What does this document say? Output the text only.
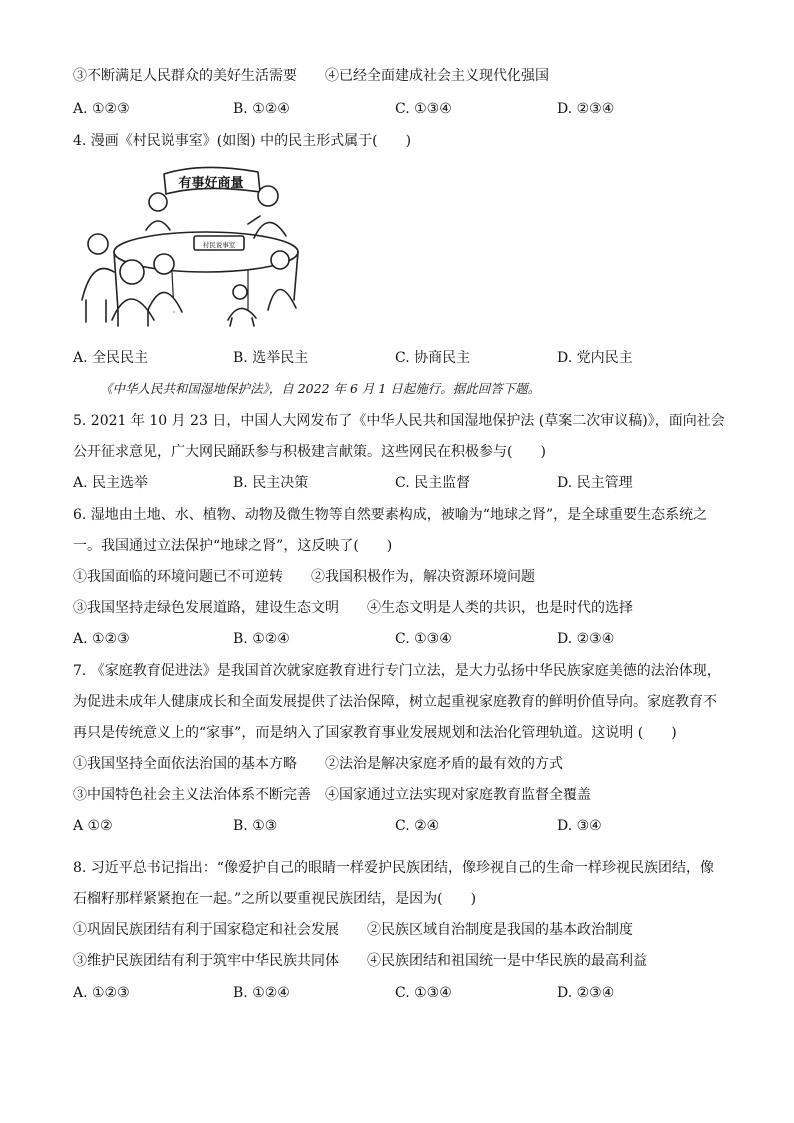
③不断满足人民群众的美好生活需要　　④已经全面建成社会主义现代化强国
A. ①②③	B. ①②④	C. ①③④	D. ②③④
4. 漫画《村民说事室》(如图) 中的民主形式属于(　　)
有事好商量
村民说事室
A. 全民民主	B. 选举民主	C. 协商民主	D. 党内民主
《中华人民共和国湿地保护法》，自 2022 年 6 月 1 日起施行。据此回答下题。
5. 2021 年 10 月 23 日，中国人大网发布了《中华人民共和国湿地保护法 (草案二次审议稿)》，面向社会
公开征求意见，广大网民踊跃参与积极建言献策。这些网民在积极参与(　　)
A. 民主选举	B. 民主决策	C. 民主监督	D. 民主管理
6. 湿地由土地、水、植物、动物及微生物等自然要素构成，被喻为“地球之肾”，是全球重要生态系统之
一。我国通过立法保护“地球之肾”，这反映了(　　)
①我国面临的环境问题已不可逆转　　②我国积极作为，解决资源环境问题
③我国坚持走绿色发展道路，建设生态文明　　④生态文明是人类的共识，也是时代的选择
A. ①②③	B. ①②④	C. ①③④	D. ②③④
7. 《家庭教育促进法》是我国首次就家庭教育进行专门立法，是大力弘扬中华民族家庭美德的法治体现，
为促进未成年人健康成长和全面发展提供了法治保障，树立起重视家庭教育的鲜明价值导向。家庭教育不
再只是传统意义上的“家事”，而是纳入了国家教育事业发展规划和法治化管理轨道。这说明 (　　)
①我国坚持全面依法治国的基本方略　　②法治是解决家庭矛盾的最有效的方式
③中国特色社会主义法治体系不断完善　④国家通过立法实现对家庭教育监督全覆盖
A ①②	B. ①③	C. ②④	D. ③④
8. 习近平总书记指出：“像爱护自己的眼睛一样爱护民族团结，像珍视自己的生命一样珍视民族团结，像
石榴籽那样紧紧抱在一起。”之所以要重视民族团结，是因为(　　)
①巩固民族团结有利于国家稳定和社会发展　　②民族区域自治制度是我国的基本政治制度
③维护民族团结有利于筑牢中华民族共同体　　④民族团结和祖国统一是中华民族的最高利益
A. ①②③	B. ①②④	C. ①③④	D. ②③④
